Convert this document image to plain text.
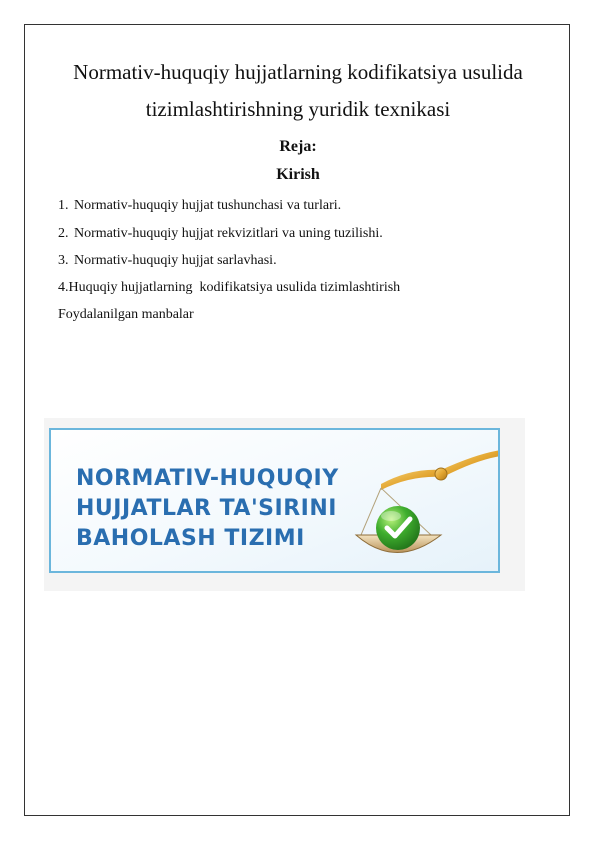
Normativ-huquqiy hujjatlarning kodifikatsiya usulida
tizimlashtirishning yuridik texnikasi
Reja:
Kirish
1. Normativ-huquqiy hujjat tushunchasi va turlari.
2. Normativ-huquqiy hujjat rekvizitlari va uning tuzilishi.
3. Normativ-huquqiy hujjat sarlavhasi.
4.Huquqiy hujjatlarning  kodifikatsiya usulida tizimlashtirish
Foydalanilgan manbalar
NORMATIV-HUQUQIY
HUJJATLAR TA'SIRINI
BAHOLASH TIZIMI
